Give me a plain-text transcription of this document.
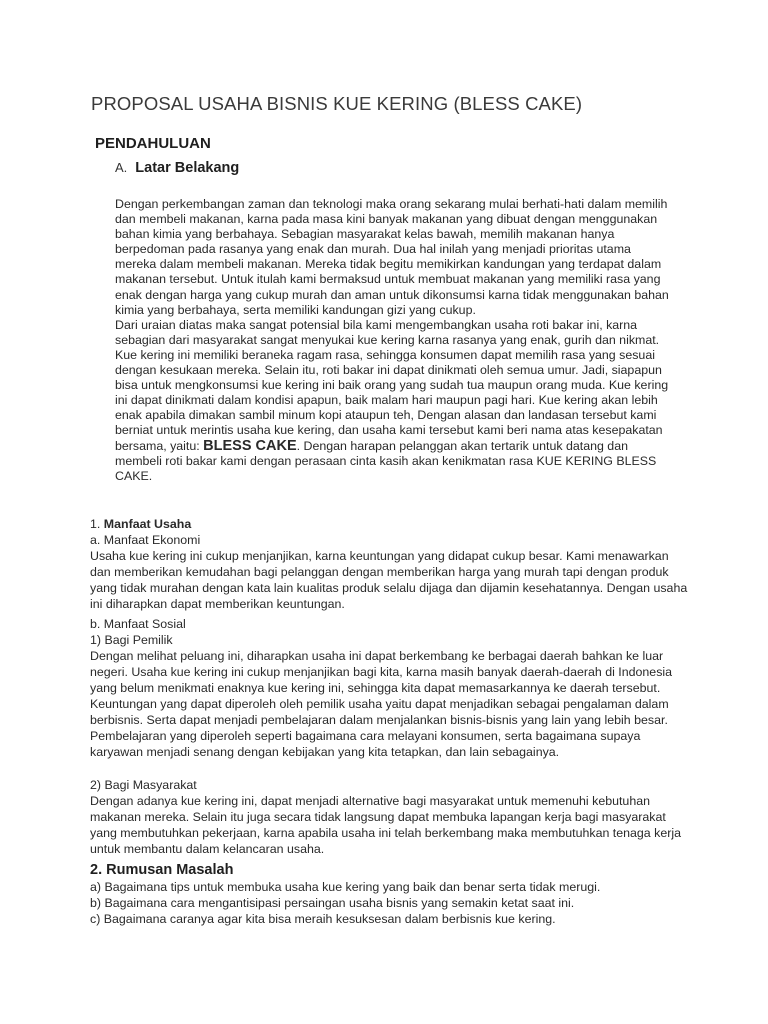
PROPOSAL USAHA BISNIS KUE KERING (BLESS CAKE)
PENDAHULUAN
A. Latar Belakang

Dengan perkembangan zaman dan teknologi maka orang sekarang mulai berhati-hati dalam memilih dan membeli makanan, karna pada masa kini banyak makanan yang dibuat dengan menggunakan bahan kimia yang berbahaya. Sebagian masyarakat kelas bawah, memilih makanan hanya berpedoman pada rasanya yang enak dan murah. Dua hal inilah yang menjadi prioritas utama mereka dalam membeli makanan. Mereka tidak begitu memikirkan kandungan yang terdapat dalam makanan tersebut. Untuk itulah kami bermaksud untuk membuat makanan yang memiliki rasa yang enak dengan harga yang cukup murah dan aman untuk dikonsumsi karna tidak menggunakan bahan kimia yang berbahaya, serta memiliki kandungan gizi yang cukup.

Dari uraian diatas maka sangat potensial bila kami mengembangkan usaha roti bakar ini, karna sebagian dari masyarakat sangat menyukai kue kering karna rasanya yang enak, gurih dan nikmat. Kue kering ini memiliki beraneka ragam rasa, sehingga konsumen dapat memilih rasa yang sesuai dengan kesukaan mereka. Selain itu, roti bakar ini dapat dinikmati oleh semua umur. Jadi, siapapun bisa untuk mengkonsumsi kue kering ini baik orang yang sudah tua maupun orang muda. Kue kering ini dapat dinikmati dalam kondisi apapun, baik malam hari maupun pagi hari. Kue kering akan lebih enak apabila dimakan sambil minum kopi ataupun teh, Dengan alasan dan landasan tersebut kami berniat untuk merintis usaha kue kering, dan usaha kami tersebut kami beri nama atas kesepakatan bersama, yaitu: BLESS CAKE. Dengan harapan pelanggan akan tertarik untuk datang dan membeli roti bakar kami dengan perasaan cinta kasih akan kenikmatan rasa KUE KERING BLESS CAKE.

1. Manfaat Usaha

a. Manfaat Ekonomi

Usaha kue kering ini cukup menjanjikan, karna keuntungan yang didapat cukup besar. Kami menawarkan dan memberikan kemudahan bagi pelanggan dengan memberikan harga yang murah tapi dengan produk yang tidak murahan dengan kata lain kualitas produk selalu dijaga dan dijamin kesehatannya. Dengan usaha ini diharapkan dapat memberikan keuntungan.

b. Manfaat Sosial

1) Bagi Pemilik

Dengan melihat peluang ini, diharapkan usaha ini dapat berkembang ke berbagai daerah bahkan ke luar negeri. Usaha kue kering ini cukup menjanjikan bagi kita, karna masih banyak daerah-daerah di Indonesia yang belum menikmati enaknya kue kering ini, sehingga kita dapat memasarkannya ke daerah tersebut. Keuntungan yang dapat diperoleh oleh pemilik usaha yaitu dapat menjadikan sebagai pengalaman dalam berbisnis. Serta dapat menjadi pembelajaran dalam menjalankan bisnis-bisnis yang lain yang lebih besar. Pembelajaran yang diperoleh seperti bagaimana cara melayani konsumen, serta bagaimana supaya karyawan menjadi senang dengan kebijakan yang kita tetapkan, dan lain sebagainya.

2) Bagi Masyarakat

Dengan adanya kue kering ini, dapat menjadi alternative bagi masyarakat untuk memenuhi kebutuhan makanan mereka. Selain itu juga secara tidak langsung dapat membuka lapangan kerja bagi masyarakat yang membutuhkan pekerjaan, karna apabila usaha ini telah berkembang maka membutuhkan tenaga kerja untuk membantu dalam kelancaran usaha.

2. Rumusan Masalah

a) Bagaimana tips untuk membuka usaha kue kering yang baik dan benar serta tidak merugi.

b) Bagaimana cara mengantisipasi persaingan usaha bisnis yang semakin ketat saat ini.

c) Bagaimana caranya agar kita bisa meraih kesuksesan dalam berbisnis kue kering.
